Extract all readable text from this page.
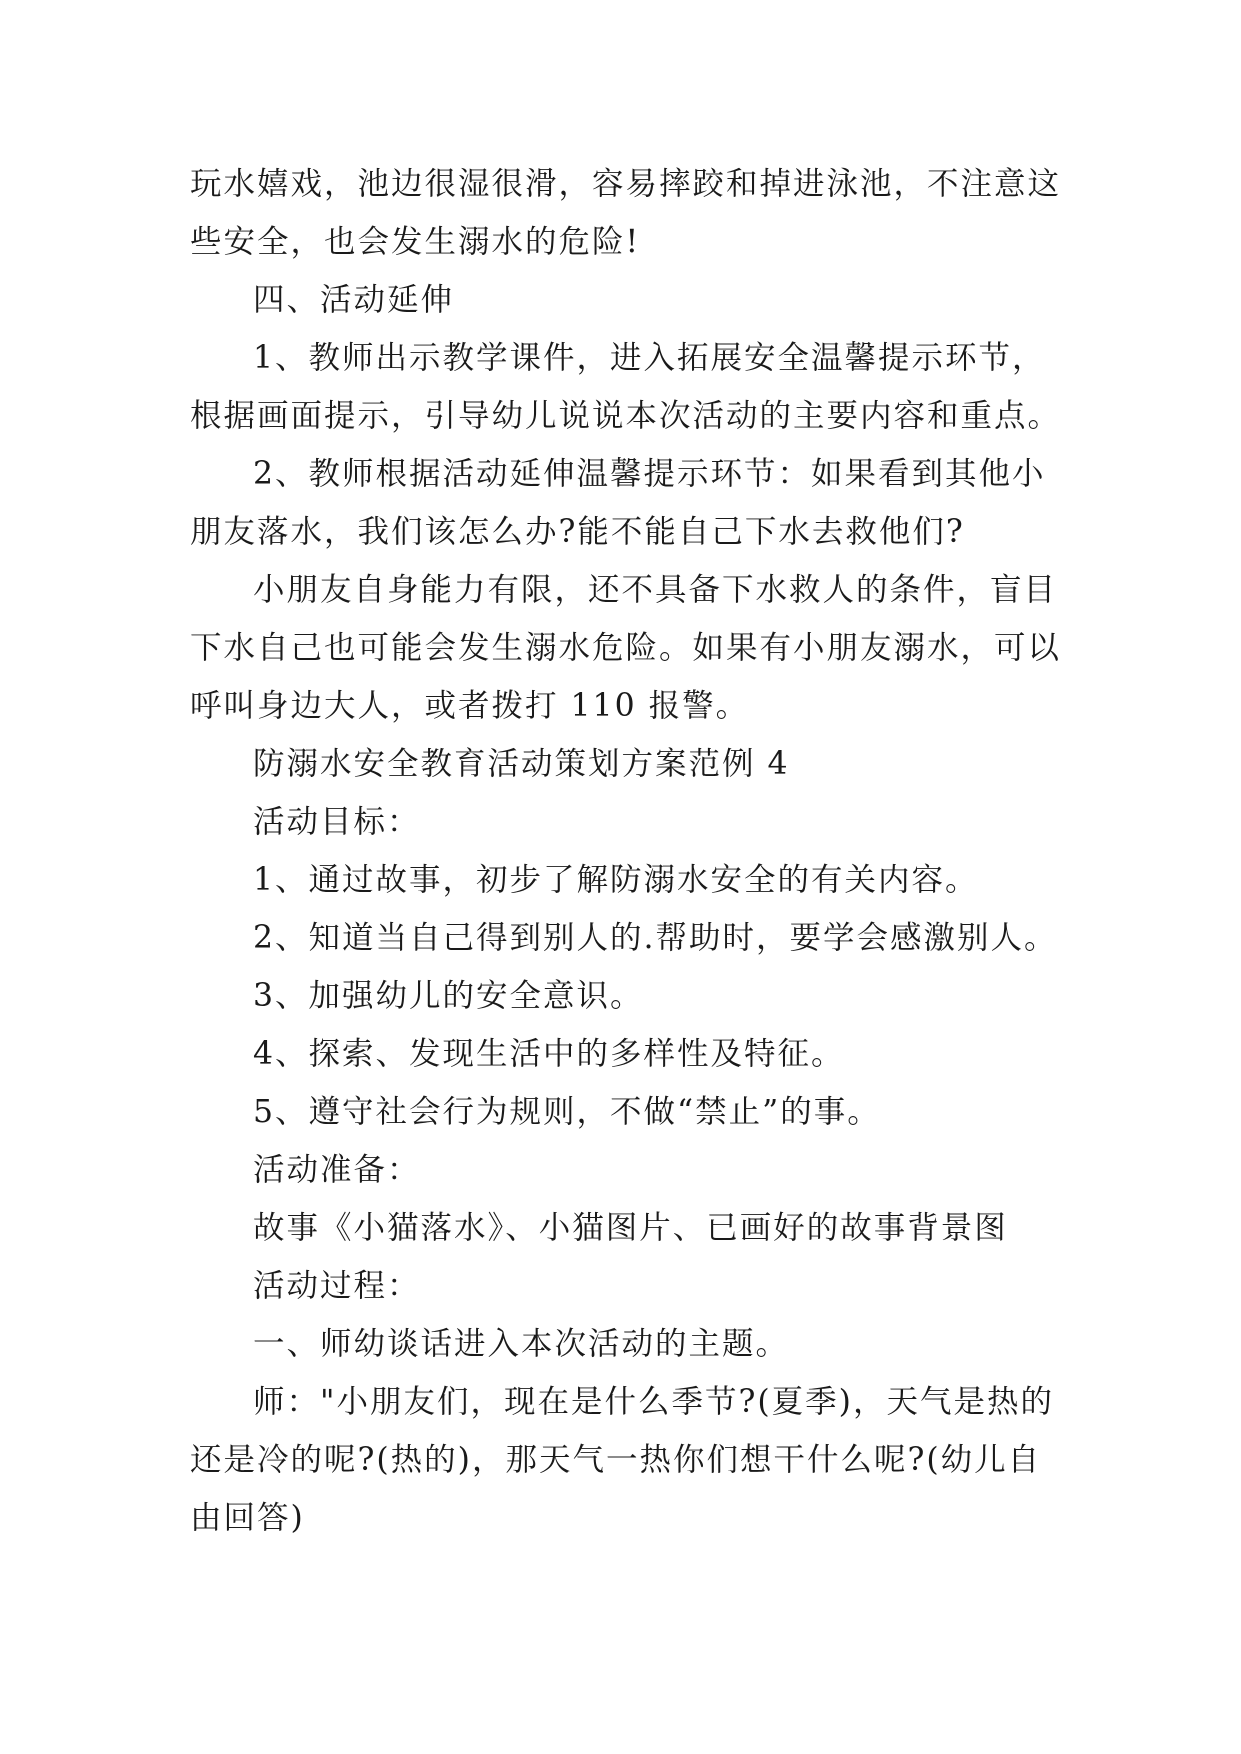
玩水嬉戏，池边很湿很滑，容易摔跤和掉进泳池，不注意这

些安全，也会发生溺水的危险!

四、活动延伸

1、教师出示教学课件，进入拓展安全温馨提示环节，

根据画面提示，引导幼儿说说本次活动的主要内容和重点。

2、教师根据活动延伸温馨提示环节：如果看到其他小

朋友落水，我们该怎么办?能不能自己下水去救他们?

小朋友自身能力有限，还不具备下水救人的条件，盲目

下水自己也可能会发生溺水危险。如果有小朋友溺水，可以

呼叫身边大人，或者拨打 110 报警。

防溺水安全教育活动策划方案范例 4

活动目标：

1、通过故事，初步了解防溺水安全的有关内容。

2、知道当自己得到别人的.帮助时，要学会感激别人。

3、加强幼儿的安全意识。

4、探索、发现生活中的多样性及特征。

5、遵守社会行为规则，不做“禁止”的事。

活动准备：

故事《小猫落水》、小猫图片、已画好的故事背景图

活动过程：

一、师幼谈话进入本次活动的主题。

师："小朋友们，现在是什么季节?(夏季)，天气是热的

还是冷的呢?(热的)，那天气一热你们想干什么呢?(幼儿自

由回答)
